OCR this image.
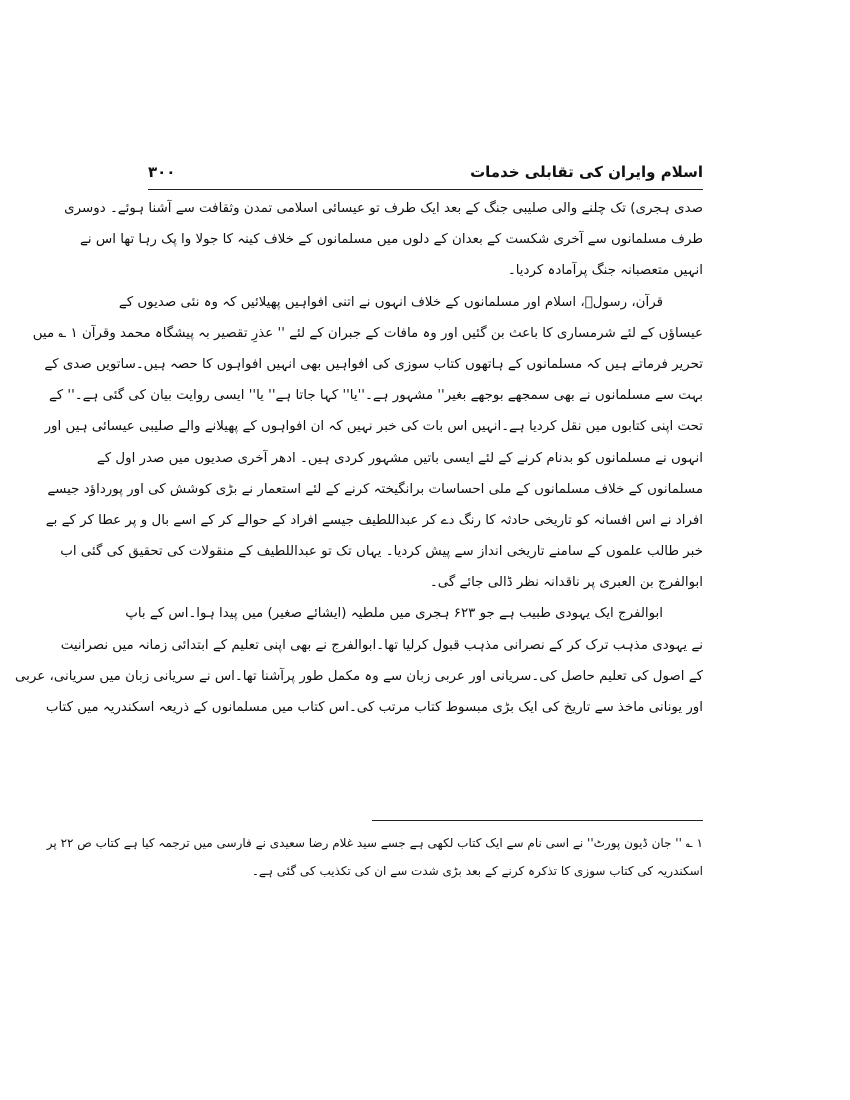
اسلام وایران کی تقابلی خدمات
۳۰۰
صدی ہجری) تک چلنے والی صلیبی جنگ کے بعد ایک طرف تو عیسائی اسلامی تمدن وثقافت سے آشنا ہوئے۔ دوسری
طرف مسلمانوں سے آخری شکست کے بعدان کے دلوں میں مسلمانوں کے خلاف کینہ کا جولا وا پک رہا تھا اس نے
انہیں متعصبانہ جنگ پرآمادہ کردیا۔
قرآن، رسولؐ، اسلام اور مسلمانوں کے خلاف انہوں نے اتنی افواہیں پھیلائیں کہ وہ نئی صدیوں کے
عیساؤں کے لئے شرمساری کا باعث بن گئیں اور وہ مافات کے جبران کے لئے '' عذرِ تقصیر بہ پیشگاہ محمد وقرآن ۱ ؎ میں
تحریر فرماتے ہیں کہ مسلمانوں کے ہاتھوں کتاب سوزی کی افواہیں بھی انہیں افواہوں کا حصہ ہیں۔ساتویں صدی کے
بہت سے مسلمانوں نے بھی سمجھے بوجھے بغیر'' مشہور ہے۔''یا'' کہا جاتا ہے'' یا'' ایسی روایت بیان کی گئی ہے۔'' کے
تحت اپنی کتابوں میں نقل کردیا ہے۔انہیں اس بات کی خبر نہیں کہ ان افواہوں کے پھیلانے والے صلیبی عیسائی ہیں اور
انہوں نے مسلمانوں کو بدنام کرنے کے لئے ایسی باتیں مشہور کردی ہیں۔ ادھر آخری صدیوں میں صدر اول کے
مسلمانوں کے خلاف مسلمانوں کے ملی احساسات برانگیختہ کرنے کے لئے استعمار نے بڑی کوشش کی اور پورداؤد جیسے
افراد نے اس افسانہ کو تاریخی حادثہ کا رنگ دے کر عبداللطیف جیسے افراد کے حوالے کر کے اسے بال و پر عطا کر کے بے
خبر طالب علموں کے سامنے تاریخی انداز سے پیش کردیا۔ یہاں تک تو عبداللطیف کے منقولات کی تحقیق کی گئی اب
ابوالفرج بن العبری پر ناقدانہ نظر ڈالی جائے گی۔
ابوالفرج ایک یہودی طبیب ہے جو ۶۲۳ ہجری میں ملطیہ (ایشائے صغیر) میں پیدا ہوا۔اس کے باپ
نے یہودی مذہب ترک کر کے نصرانی مذہب قبول کرلیا تھا۔ابوالفرج نے بھی اپنی تعلیم کے ابتدائی زمانہ میں نصرانیت
کے اصول کی تعلیم حاصل کی۔سریانی اور عربی زبان سے وہ مکمل طور پرآشنا تھا۔اس نے سریانی زبان میں سریانی، عربی
اور یونانی ماخذ سے تاریخ کی ایک بڑی مبسوط کتاب مرتب کی۔اس کتاب میں مسلمانوں کے ذریعہ اسکندریہ میں کتاب
۱ ؎ '' جان ڈیون پورٹ'' نے اسی نام سے ایک کتاب لکھی ہے جسے سید غلام رضا سعیدی نے فارسی میں ترجمہ کیا ہے کتاب ص ۲۲ پر
اسکندریہ کی کتاب سوزی کا تذکرہ کرنے کے بعد بڑی شدت سے ان کی تکذیب کی گئی ہے۔
